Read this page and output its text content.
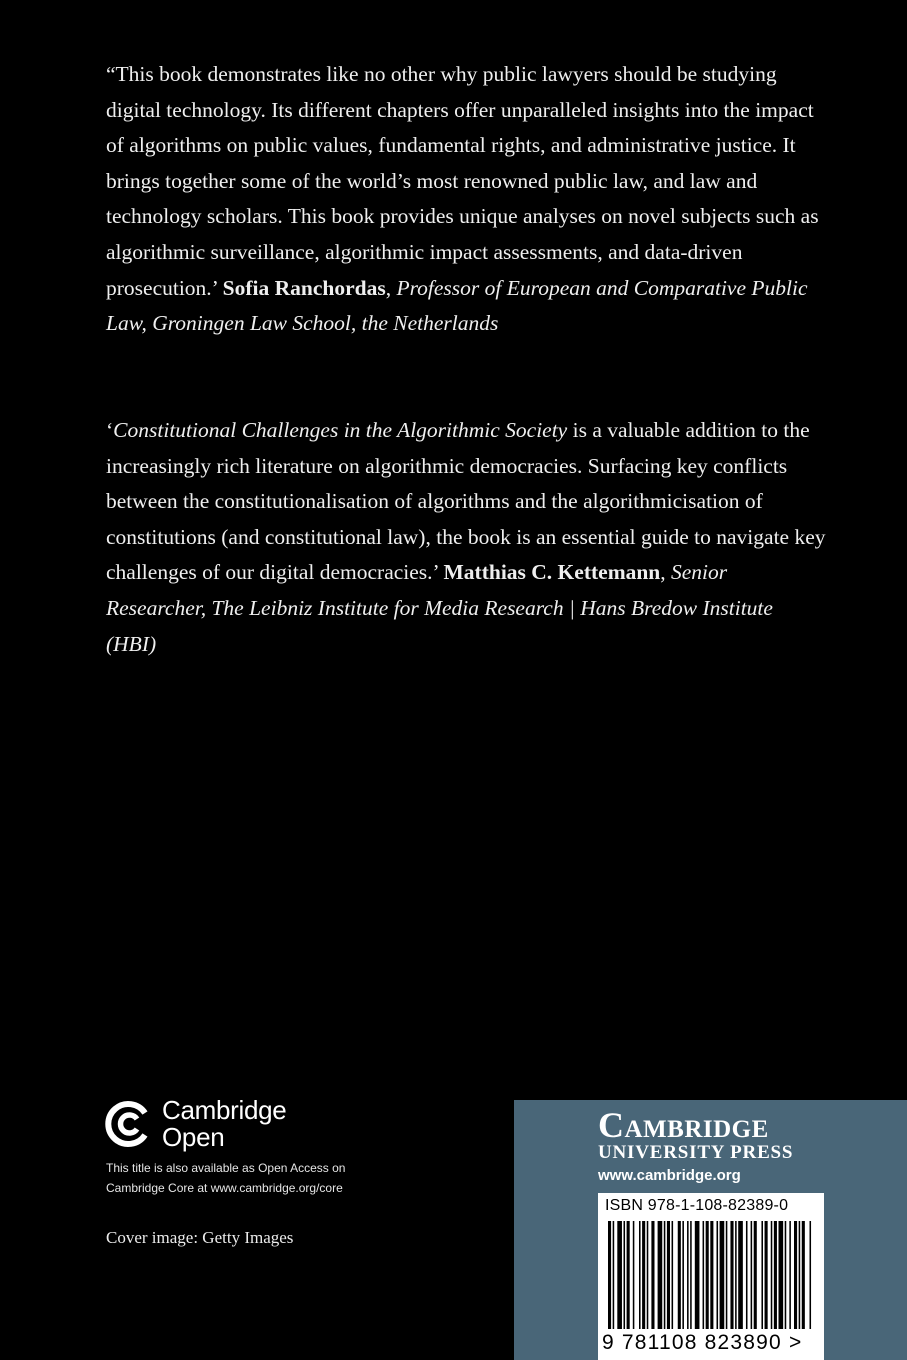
“This book demonstrates like no other why public lawyers should be studying digital technology. Its different chapters offer unparalleled insights into the impact of algorithms on public values, fundamental rights, and administrative justice. It brings together some of the world’s most renowned public law, and law and technology scholars. This book provides unique analyses on novel subjects such as algorithmic surveillance, algorithmic impact assessments, and data-driven prosecution.’ Sofia Ranchordas, Professor of European and Comparative Public Law, Groningen Law School, the Netherlands

‘Constitutional Challenges in the Algorithmic Society is a valuable addition to the increasingly rich literature on algorithmic democracies. Surfacing key conflicts between the constitutionalisation of algorithms and the algorithmicisation of constitutions (and constitutional law), the book is an essential guide to navigate key challenges of our digital democracies.’ Matthias C. Kettemann, Senior Researcher, The Leibniz Institute for Media Research | Hans Bredow Institute (HBI)

Cambridge
Open
This title is also available as Open Access on
Cambridge Core at www.cambridge.org/core
Cover image: Getty Images
Cambridge
UNIVERSITY PRESS
www.cambridge.org
ISBN 978-1-108-82389-0
9 781108 823890 >
